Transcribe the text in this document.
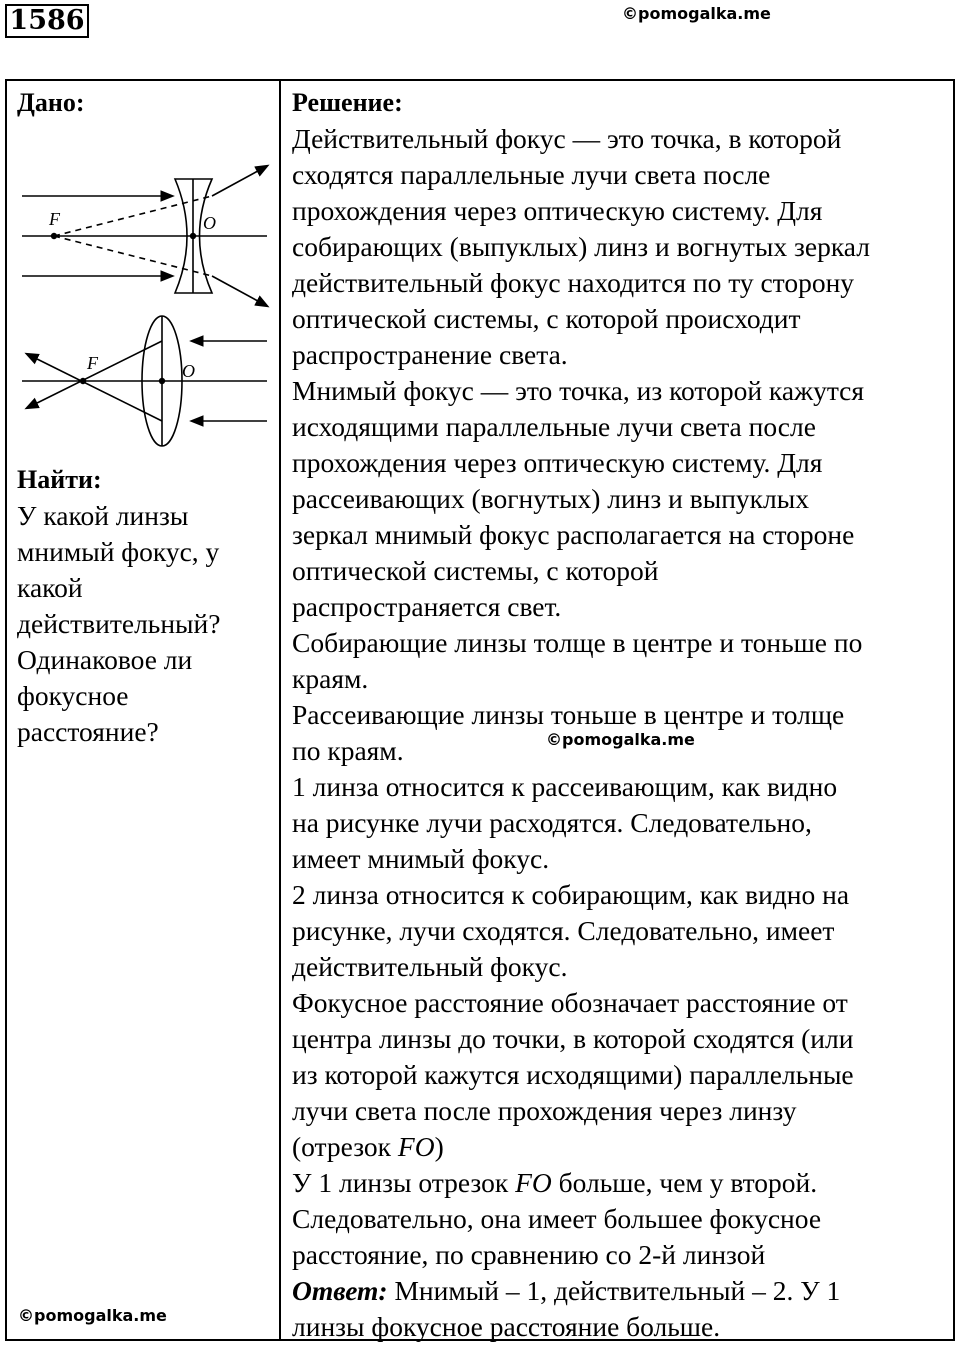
1586	©pomogalka.me
Дано:
F	O
F	O
Найти:
У какой линзы
мнимый фокус, у
какой
действительный?
Одинаковое ли
фокусное
расстояние?
Решение:
Действительный фокус — это точка, в которой
сходятся параллельные лучи света после
прохождения через оптическую систему. Для
собирающих (выпуклых) линз и вогнутых зеркал
действительный фокус находится по ту сторону
оптической системы, с которой происходит
распространение света.
Мнимый фокус — это точка, из которой кажутся
исходящими параллельные лучи света после
прохождения через оптическую систему. Для
рассеивающих (вогнутых) линз и выпуклых
зеркал мнимый фокус располагается на стороне
оптической системы, с которой
распространяется свет.
Собирающие линзы толще в центре и тоньше по
краям.
Рассеивающие линзы тоньше в центре и толще
по краям.
1 линза относится к рассеивающим, как видно
на рисунке лучи расходятся. Следовательно,
имеет мнимый фокус.
2 линза относится к собирающим, как видно на
рисунке, лучи сходятся. Следовательно, имеет
действительный фокус.
Фокусное расстояние обозначает расстояние от
центра линзы до точки, в которой сходятся (или
из которой кажутся исходящими) параллельные
лучи света после прохождения через линзу
(отрезок FO)
У 1 линзы отрезок FO больше, чем у второй.
Следовательно, она имеет большее фокусное
расстояние, по сравнению со 2-й линзой
Ответ: Мнимый – 1, действительный – 2. У 1
линзы фокусное расстояние больше.
©pomogalka.me
©pomogalka.me
